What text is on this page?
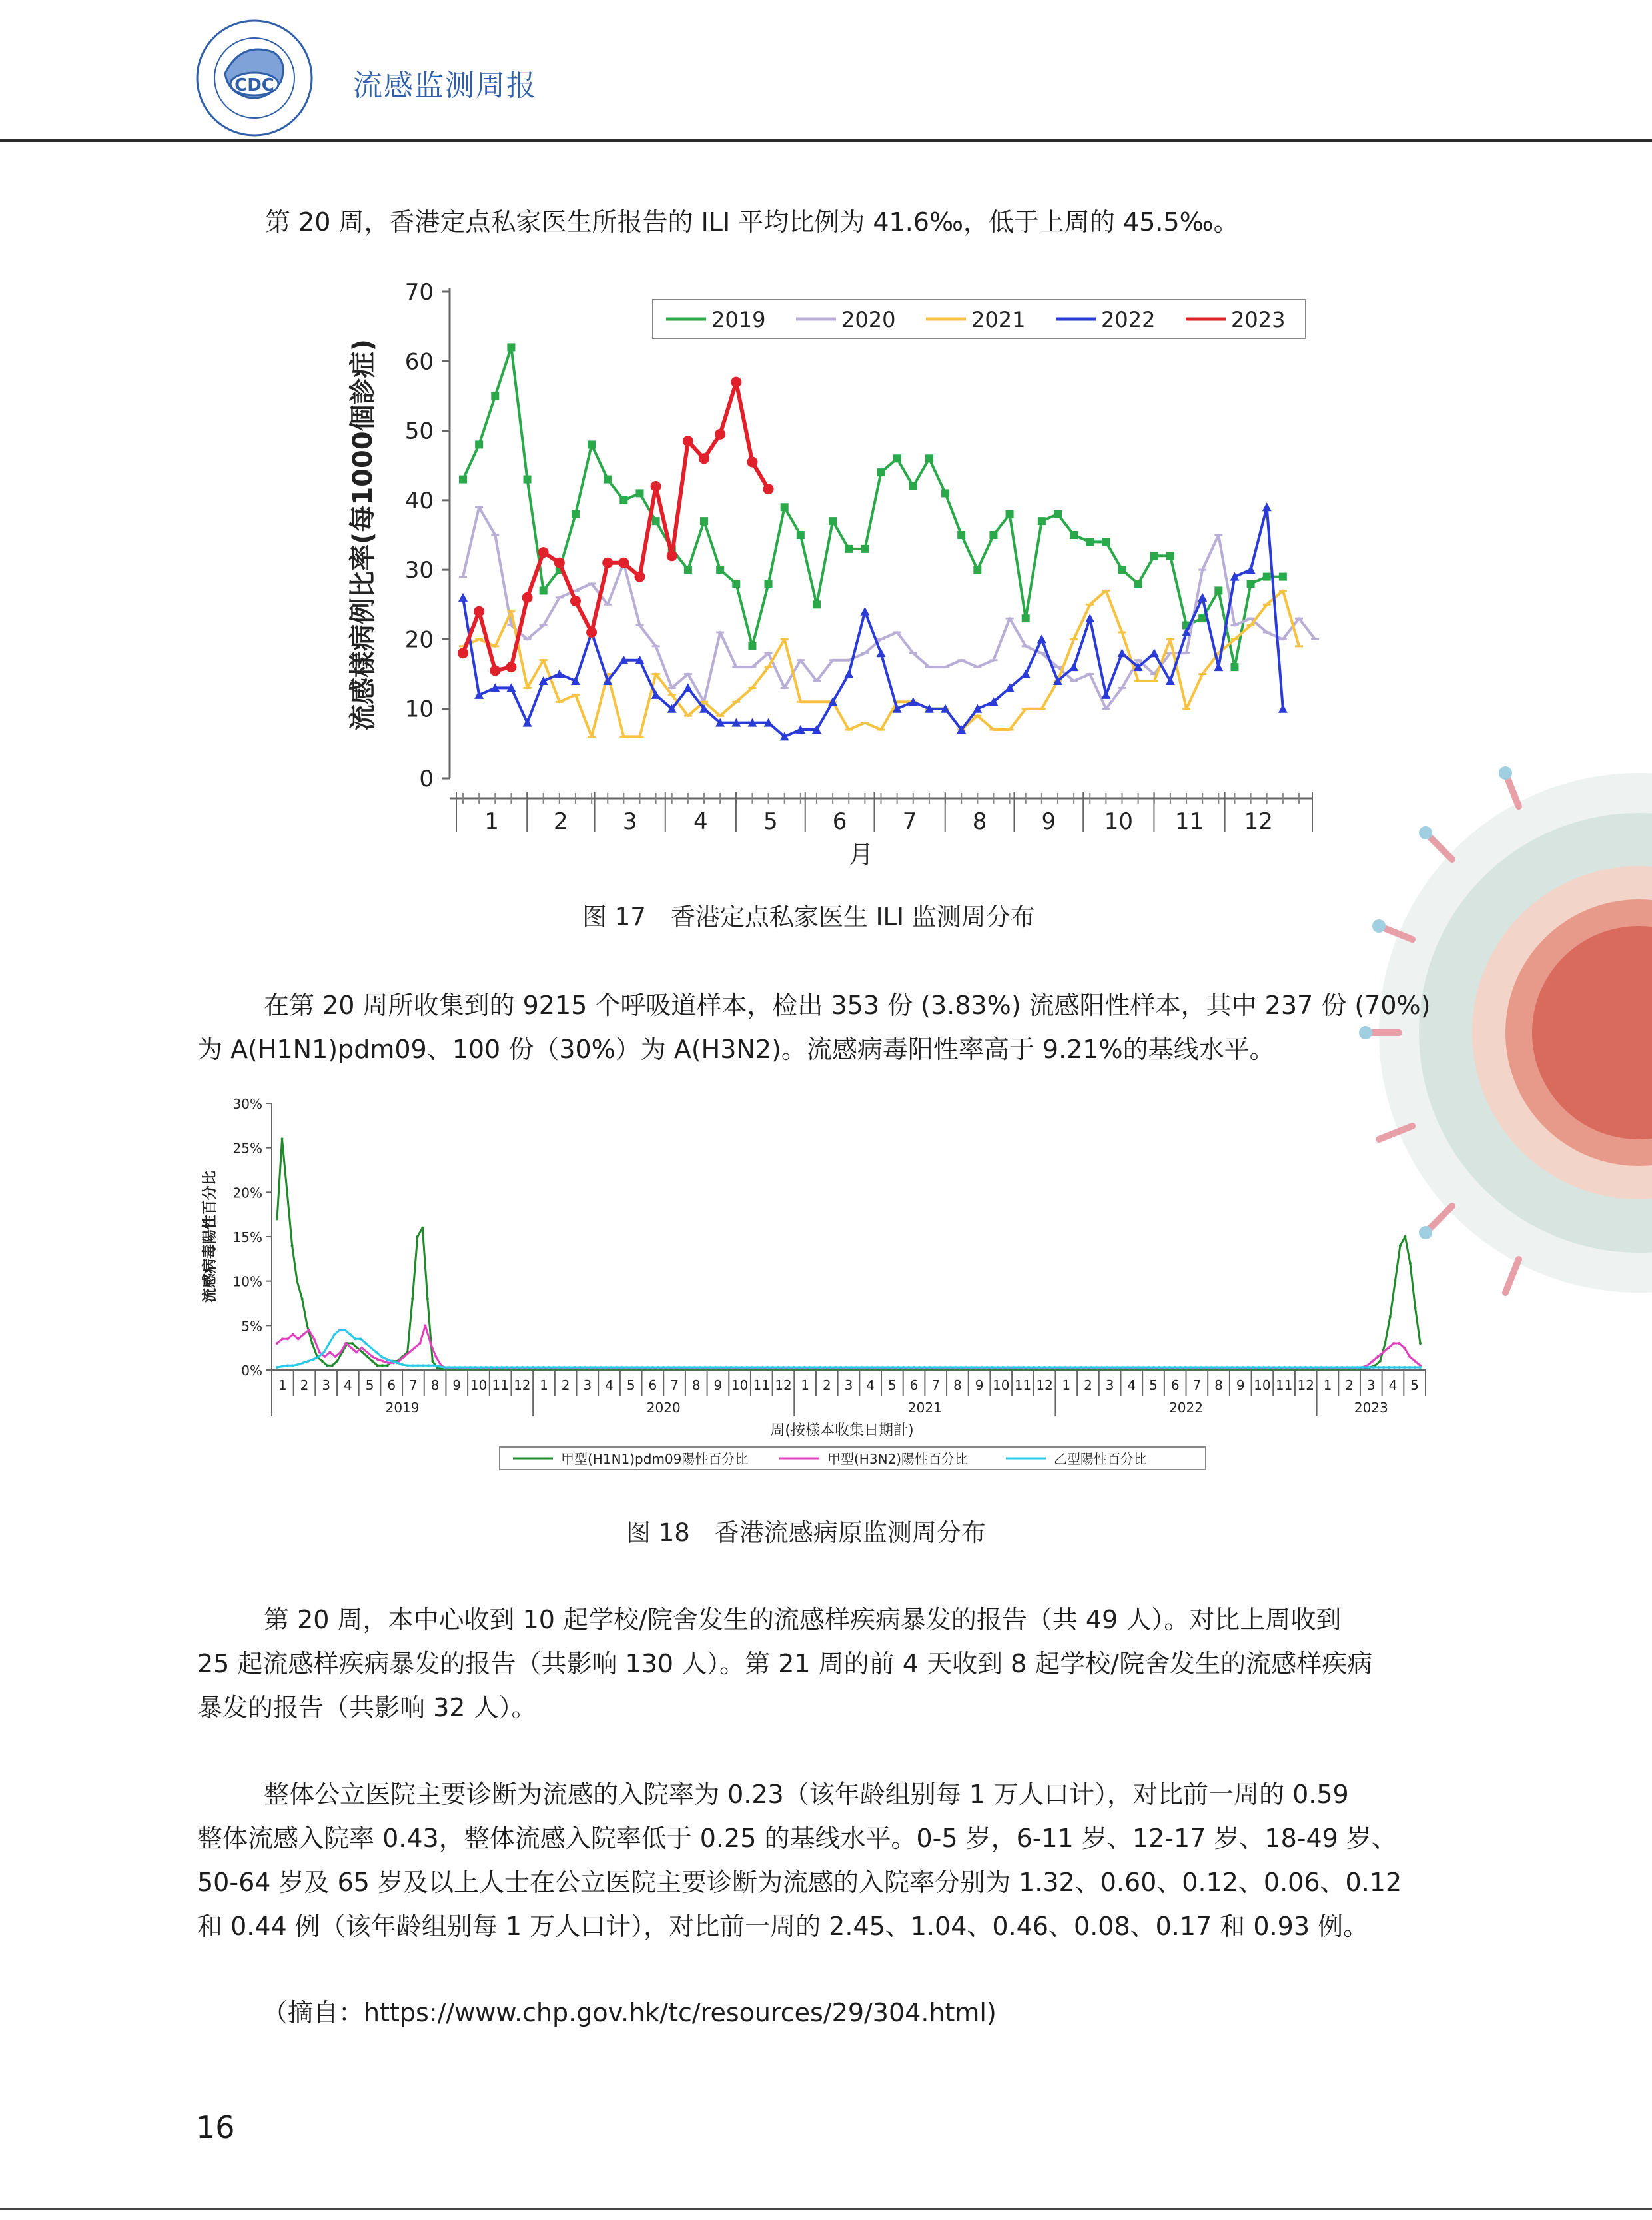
CDC	流感监测周报
第 20 周，香港定点私家医生所报告的 ILI 平均比例为 41.6‰，低于上周的 45.5‰。
0
10
20
30
40
50
60
70
1 2 3 4 5 6 7 8 9 10 11 12
月
流感樣病例比率(每1000個診症)
2019	2020	2021	2022	2023
图 17　香港定点私家医生 ILI 监测周分布
在第 20 周所收集到的 9215 个呼吸道样本，检出 353 份 (3.83%) 流感阳性样本，其中 237 份 (70%)
为 A(H1N1)pdm09、100 份（30%）为 A(H3N2)。流感病毒阳性率高于 9.21%的基线水平。
0%
5%
10%
15%
20%
25%
30%
流感病毒陽性百分比
1 2 3 4 5 6 7 8 9 10 11 12 1 2 3 4 5 6 7 8 9 10 11 12 1 2 3 4 5 6 7 8 9 10 11 12 1 2 3 4 5 6 7 8 9 10 11 12 1 2 3 4 5
2019	2020	2021	2022	2023
周(按樣本收集日期計)
甲型(H1N1)pdm09陽性百分比	甲型(H3N2)陽性百分比	乙型陽性百分比
图 18　香港流感病原监测周分布
第 20 周，本中心收到 10 起学校/院舍发生的流感样疾病暴发的报告（共 49 人）。对比上周收到
25 起流感样疾病暴发的报告（共影响 130 人）。第 21 周的前 4 天收到 8 起学校/院舍发生的流感样疾病
暴发的报告（共影响 32 人）。
整体公立医院主要诊断为流感的入院率为 0.23（该年龄组别每 1 万人口计），对比前一周的 0.59
整体流感入院率 0.43，整体流感入院率低于 0.25 的基线水平。0-5 岁，6-11 岁、12-17 岁、18-49 岁、
50-64 岁及 65 岁及以上人士在公立医院主要诊断为流感的入院率分别为 1.32、0.60、0.12、0.06、0.12
和 0.44 例（该年龄组别每 1 万人口计），对比前一周的 2.45、1.04、0.46、0.08、0.17 和 0.93 例。
（摘自：https://www.chp.gov.hk/tc/resources/29/304.html)
16
